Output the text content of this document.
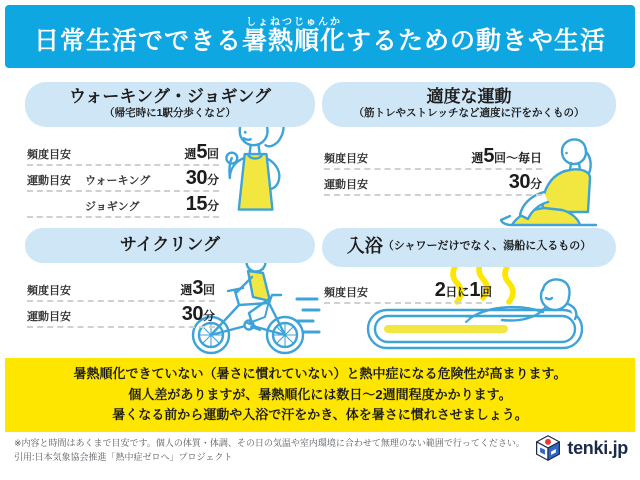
日常生活でできる暑熱順化しょねつじゅんかするための動きや生活
ウォーキング・ジョギング
（帰宅時に1駅分歩くなど）
頻度目安	週5回
運動目安	ウォーキング	30分
ジョギング	15分
適度な運動
（筋トレやストレッチなど適度に汗をかくもの）
頻度目安	週5回～毎日
運動目安	30分
サイクリング
頻度目安	週3回
運動目安	30分
入浴（シャワーだけでなく、湯船に入るもの）
頻度目安	2日に1回
暑熱順化できていない（暑さに慣れていない）と熱中症になる危険性が高まります。
個人差がありますが、暑熱順化には数日～2週間程度かかります。
暑くなる前から運動や入浴で汗をかき、体を暑さに慣れさせましょう。
※内容と時間はあくまで目安です。個人の体質・体調、その日の気温や室内環境に合わせて無理のない範囲で行ってください。
引用:日本気象協会推進「熱中症ゼロへ」プロジェクト	tenki.jp
